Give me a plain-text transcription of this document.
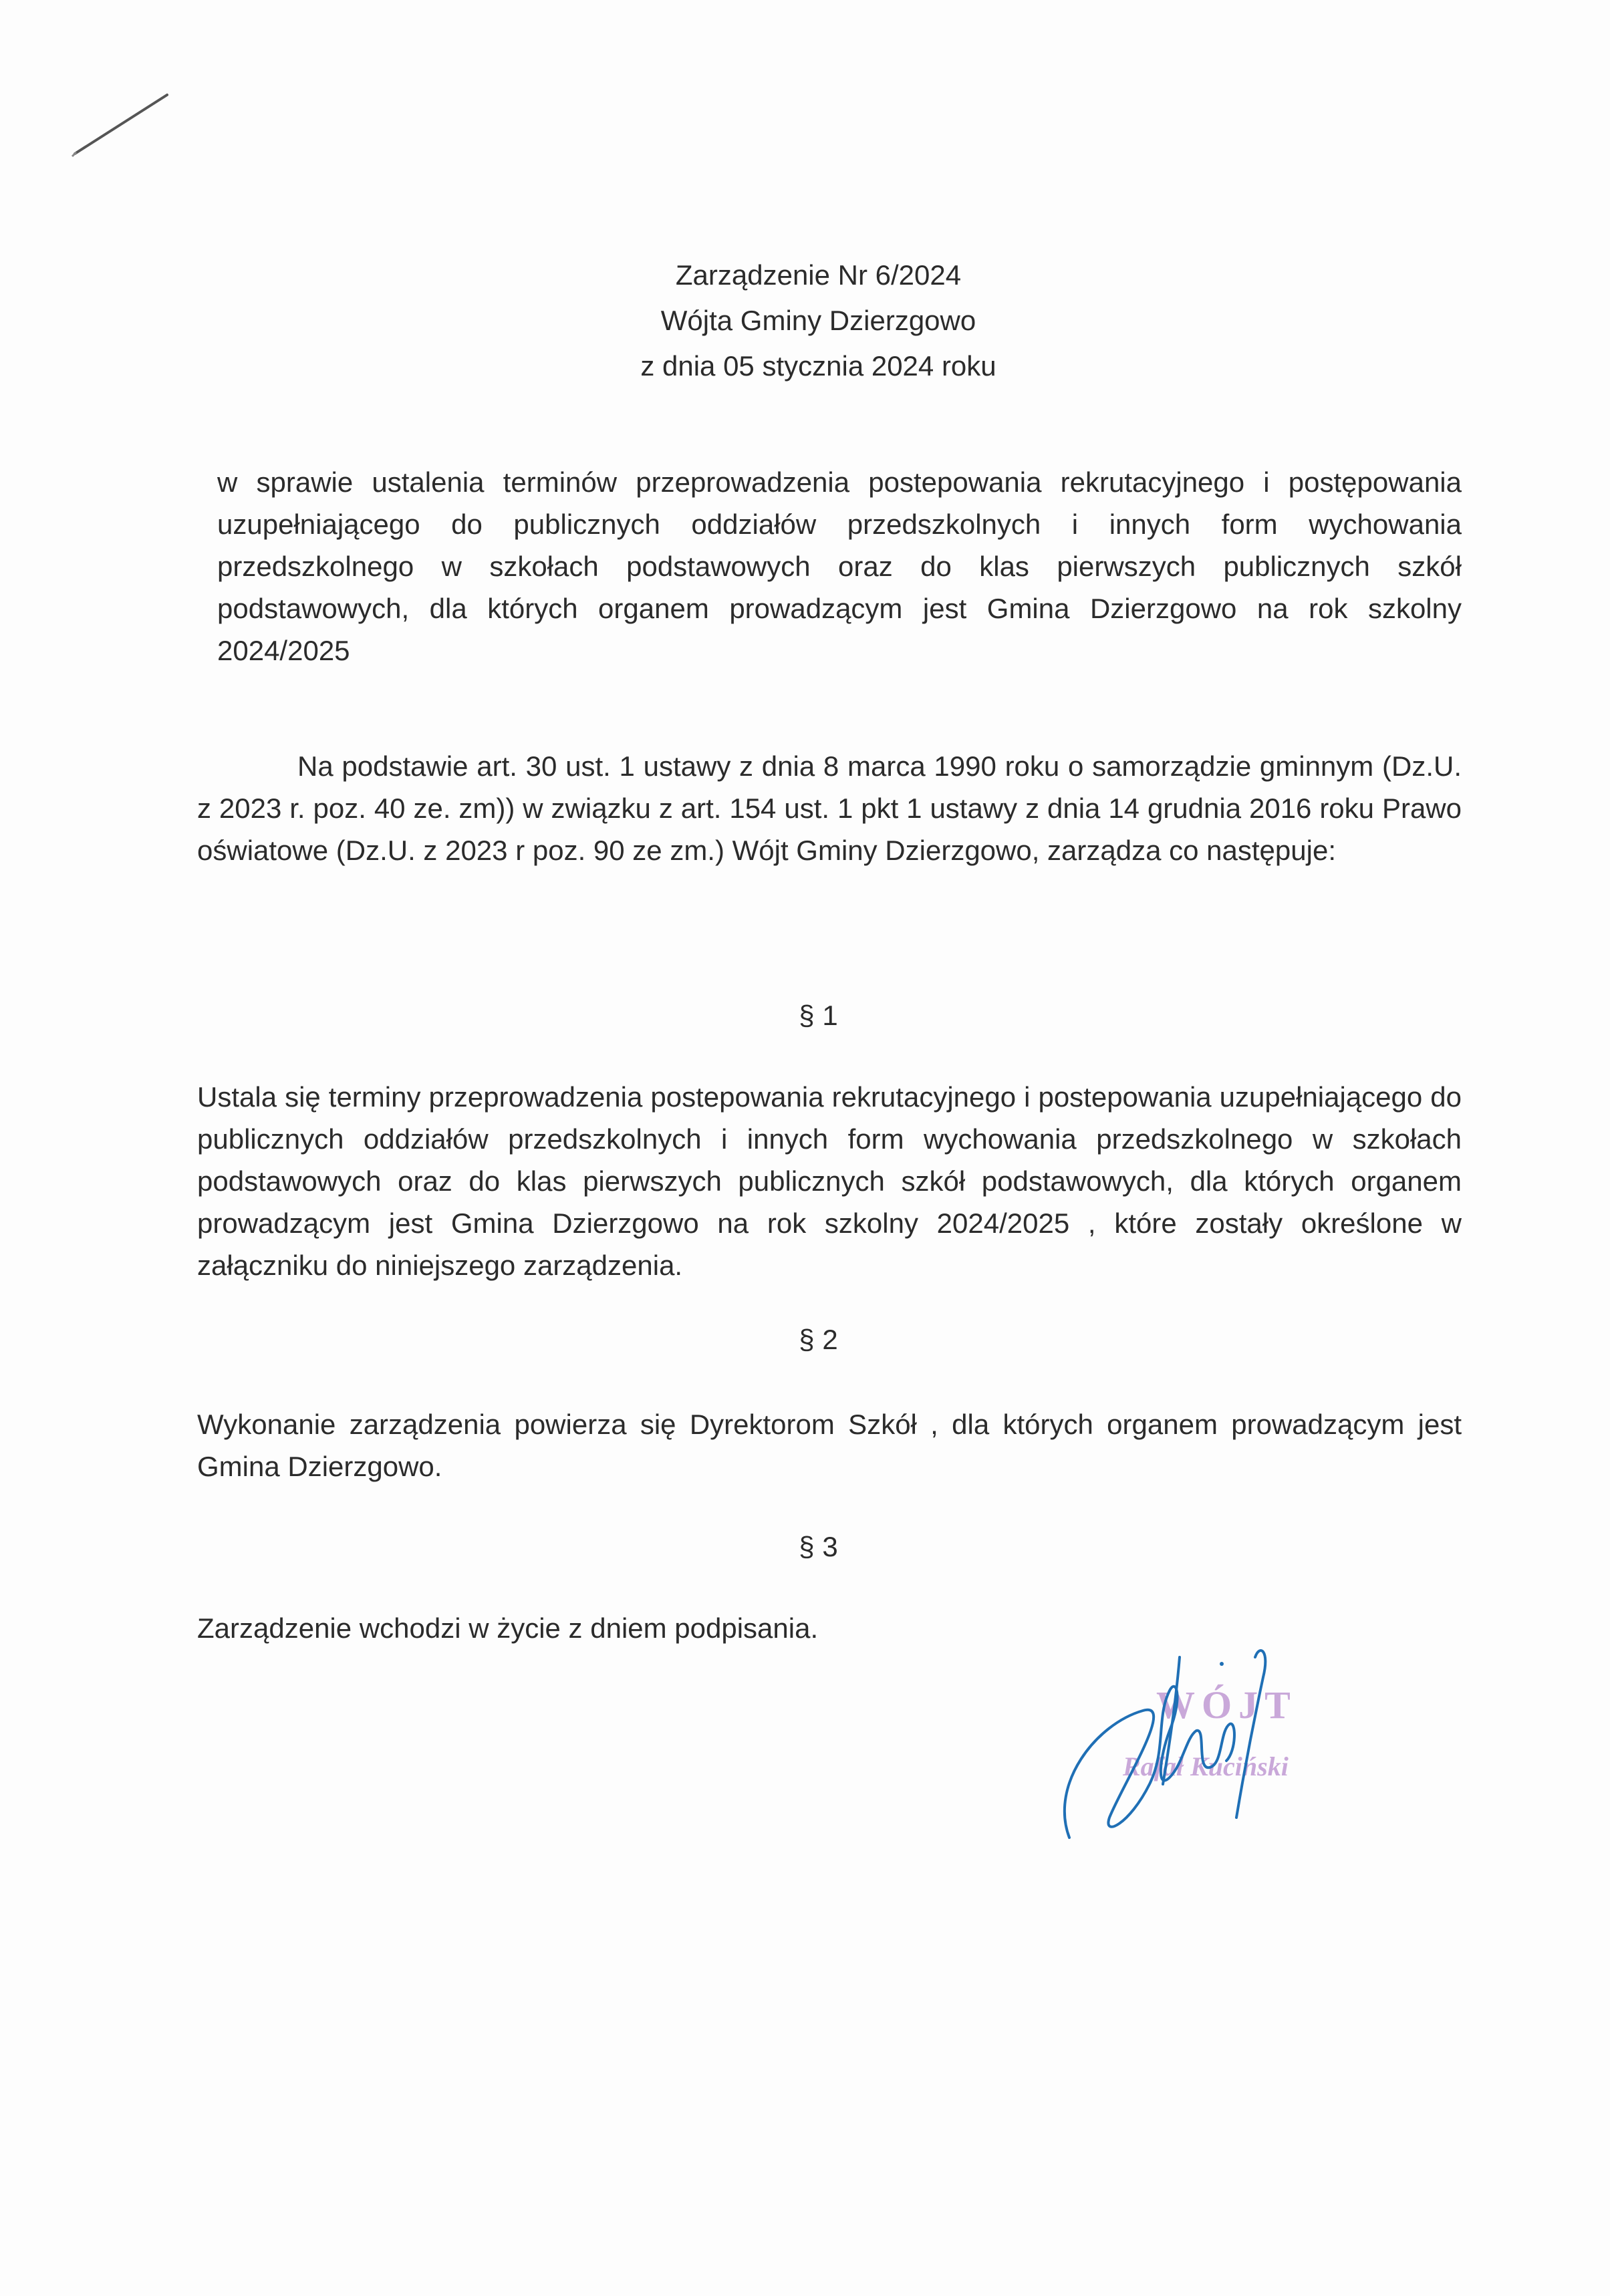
Zarządzenie Nr 6/2024
Wójta Gminy Dzierzgowo
z dnia 05 stycznia 2024 roku
w sprawie ustalenia terminów przeprowadzenia postepowania rekrutacyjnego i postępowania uzupełniającego do publicznych oddziałów przedszkolnych i innych form wychowania przedszkolnego w szkołach podstawowych oraz do klas pierwszych publicznych szkół podstawowych, dla których organem prowadzącym jest Gmina Dzierzgowo na rok szkolny 2024/2025
Na podstawie art. 30 ust. 1 ustawy z dnia 8 marca 1990 roku o samorządzie gminnym (Dz.U. z 2023 r. poz. 40 ze. zm)) w związku z art. 154 ust. 1 pkt 1 ustawy z dnia 14 grudnia 2016 roku Prawo oświatowe (Dz.U. z 2023 r poz. 90 ze zm.) Wójt Gminy Dzierzgowo, zarządza co następuje:
§ 1
Ustala się terminy przeprowadzenia postepowania rekrutacyjnego i postepowania uzupełniającego do publicznych oddziałów przedszkolnych i innych form wychowania przedszkolnego w szkołach podstawowych oraz do klas pierwszych publicznych szkół podstawowych, dla których organem prowadzącym jest Gmina Dzierzgowo na rok szkolny 2024/2025 , które zostały określone w załączniku do niniejszego zarządzenia.
§ 2
Wykonanie zarządzenia powierza się Dyrektorom Szkół , dla których organem prowadzącym jest Gmina Dzierzgowo.
§ 3
Zarządzenie wchodzi w życie z dniem podpisania.
WÓJT
Rafał Kuciński
